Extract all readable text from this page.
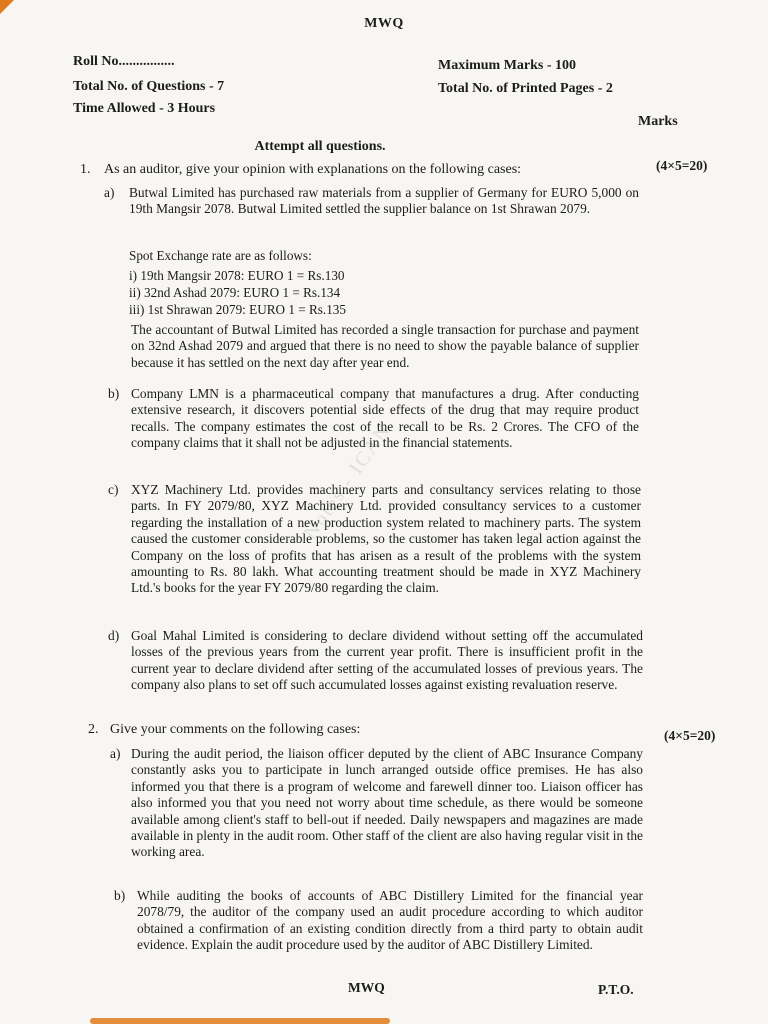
Notes - ICAN
MWQ
Roll No................
Total No. of Questions - 7
Time Allowed - 3 Hours
Maximum Marks - 100
Total No. of Printed Pages - 2
Marks
Attempt all questions.
1. As an auditor, give your opinion with explanations on the following cases:	(4×5=20)
a) Butwal Limited has purchased raw materials from a supplier of Germany for EURO 5,000 on 19th Mangsir 2078. Butwal Limited settled the supplier balance on 1st Shrawan 2079.
Spot Exchange rate are as follows:
i) 19th Mangsir 2078: EURO 1 = Rs.130
ii) 32nd Ashad 2079: EURO 1 = Rs.134
iii) 1st Shrawan 2079: EURO 1 = Rs.135
The accountant of Butwal Limited has recorded a single transaction for purchase and payment on 32nd Ashad 2079 and argued that there is no need to show the payable balance of supplier because it has settled on the next day after year end.
b) Company LMN is a pharmaceutical company that manufactures a drug. After conducting extensive research, it discovers potential side effects of the drug that may require product recalls. The company estimates the cost of the recall to be Rs. 2 Crores. The CFO of the company claims that it shall not be adjusted in the financial statements.
c) XYZ Machinery Ltd. provides machinery parts and consultancy services relating to those parts. In FY 2079/80, XYZ Machinery Ltd. provided consultancy services to a customer regarding the installation of a new production system related to machinery parts. The system caused the customer considerable problems, so the customer has taken legal action against the Company on the loss of profits that has arisen as a result of the problems with the system amounting to Rs. 80 lakh. What accounting treatment should be made in XYZ Machinery Ltd.'s books for the year FY 2079/80 regarding the claim.
d) Goal Mahal Limited is considering to declare dividend without setting off the accumulated losses of the previous years from the current year profit. There is insufficient profit in the current year to declare dividend after setting of the accumulated losses of previous years. The company also plans to set off such accumulated losses against existing revaluation reserve.
2. Give your comments on the following cases:	(4×5=20)
a) During the audit period, the liaison officer deputed by the client of ABC Insurance Company constantly asks you to participate in lunch arranged outside office premises. He has also informed you that there is a program of welcome and farewell dinner too. Liaison officer has also informed you that you need not worry about time schedule, as there would be someone available among client's staff to bell-out if needed. Daily newspapers and magazines are made available in plenty in the audit room. Other staff of the client are also having regular visit in the working area.
b) While auditing the books of accounts of ABC Distillery Limited for the financial year 2078/79, the auditor of the company used an audit procedure according to which auditor obtained a confirmation of an existing condition directly from a third party to obtain audit evidence. Explain the audit procedure used by the auditor of ABC Distillery Limited.
MWQ	P.T.O.
